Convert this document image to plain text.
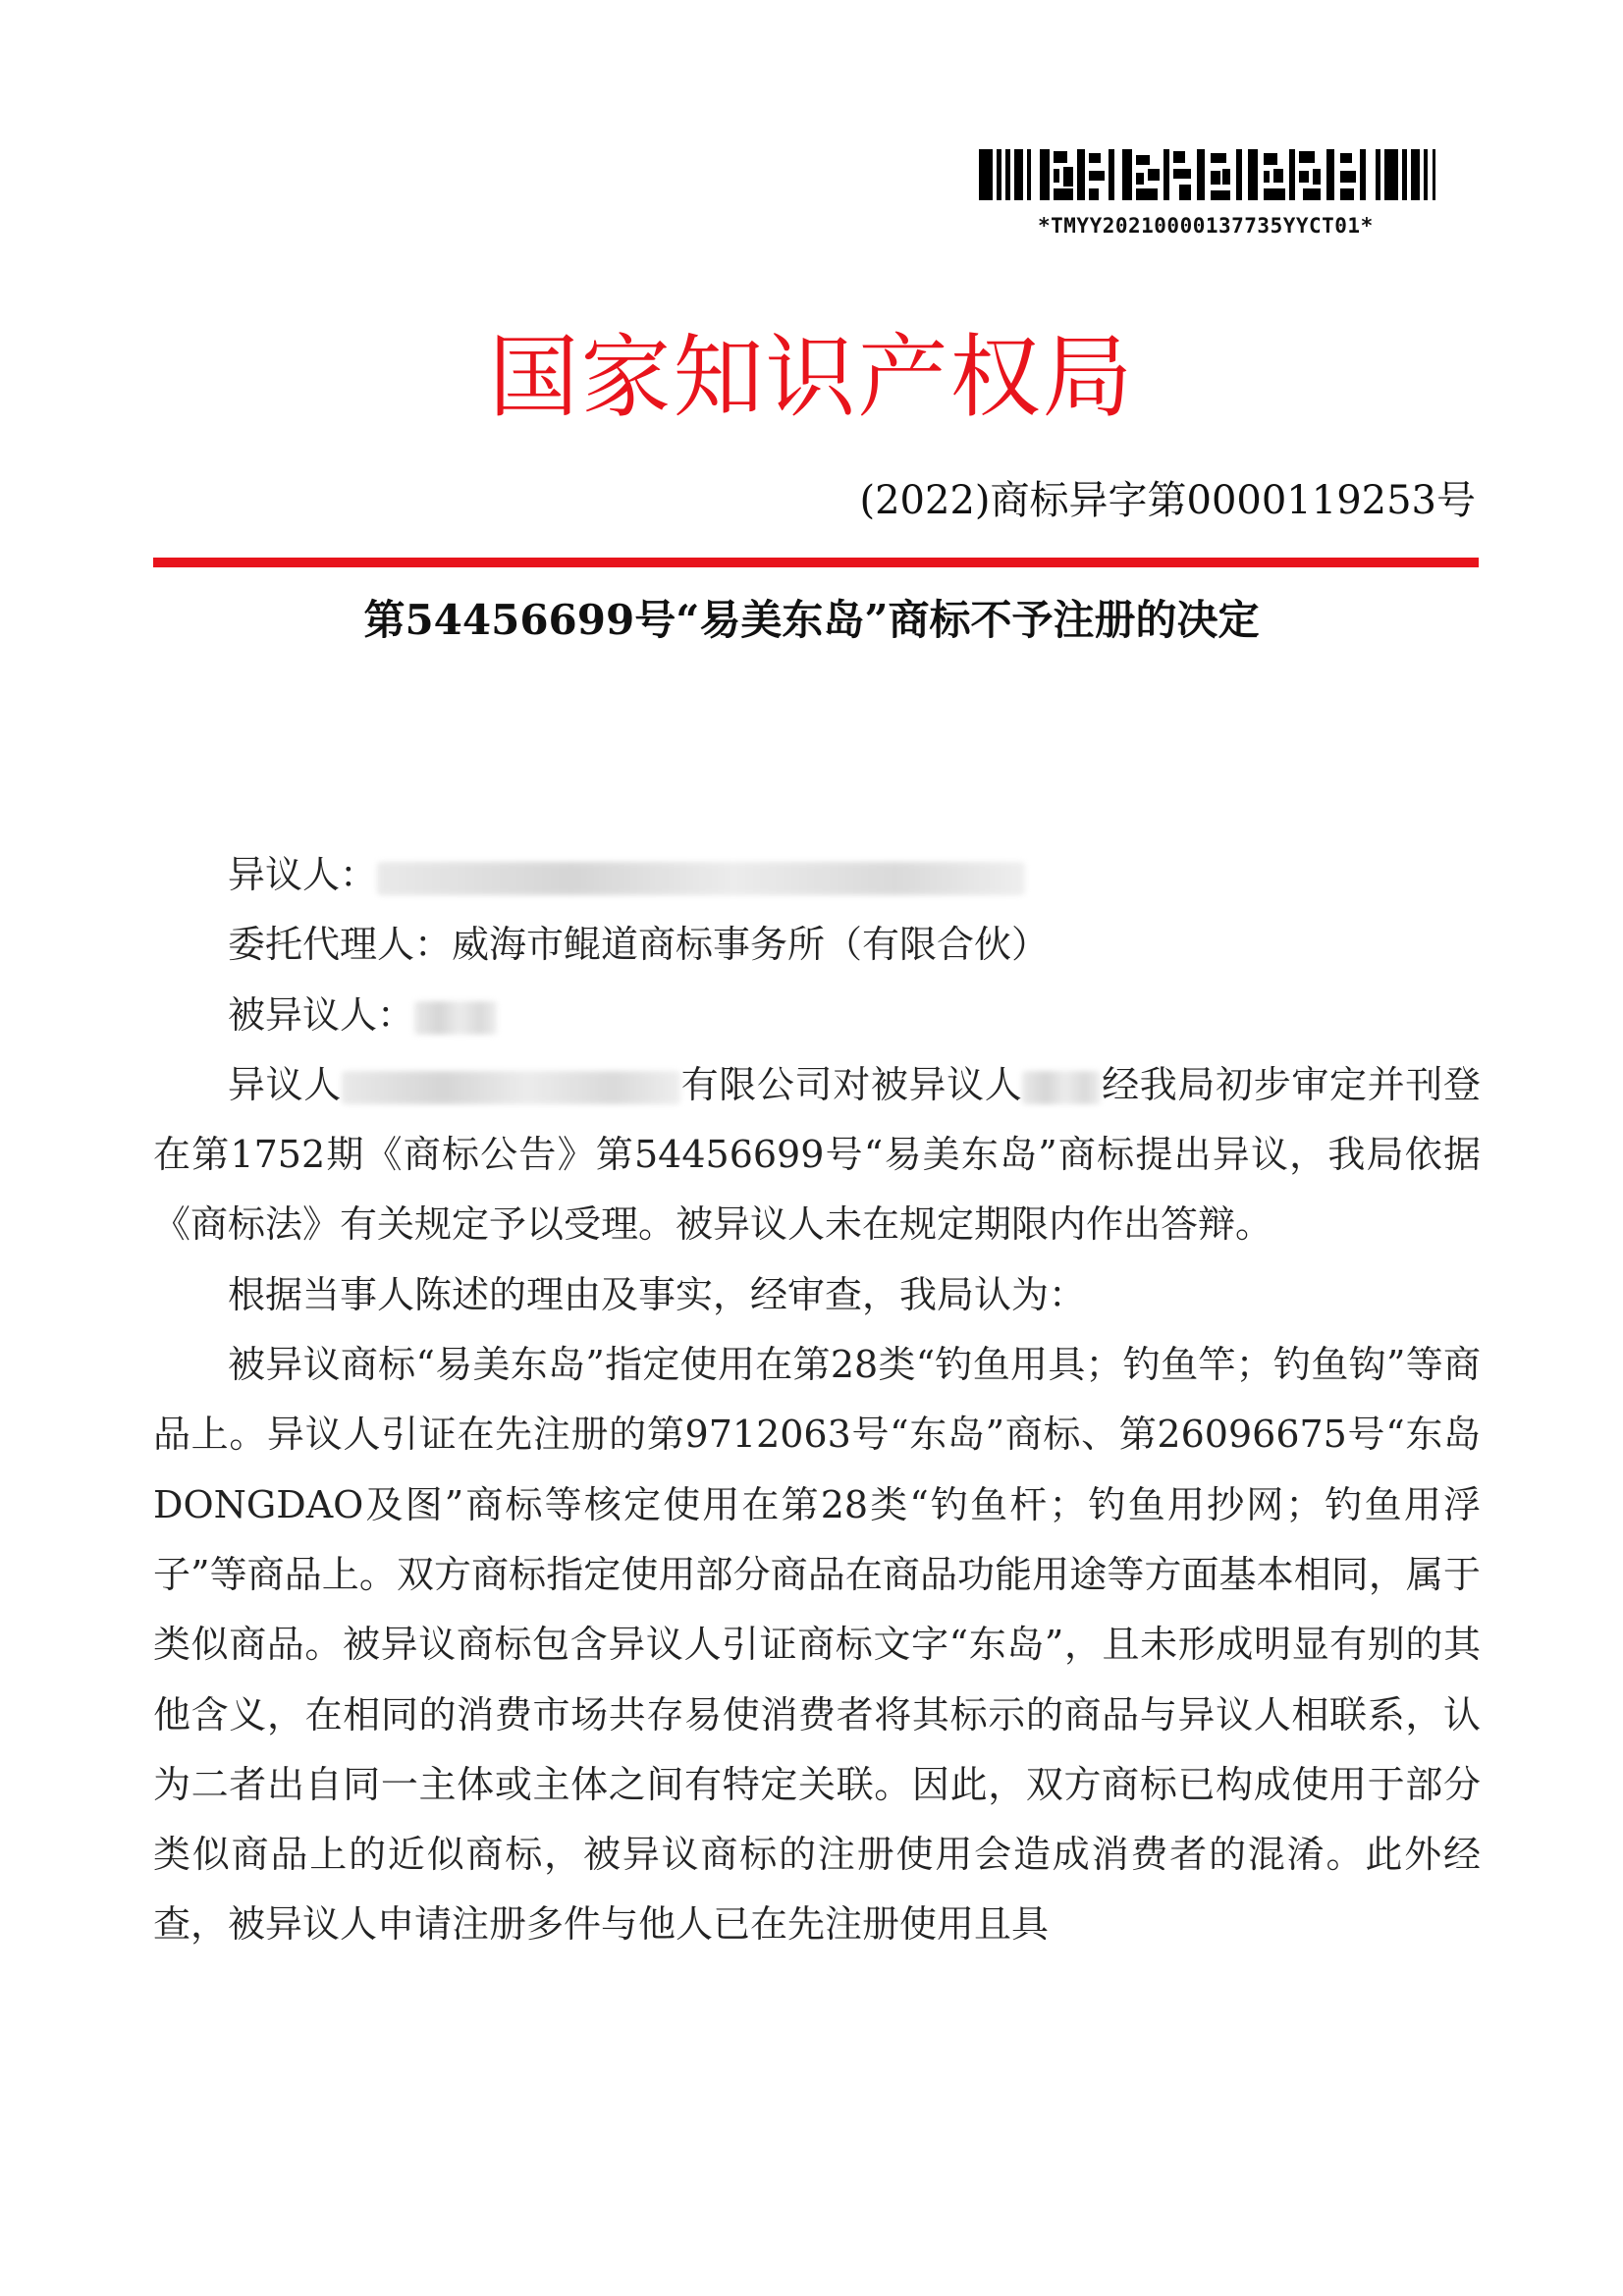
*TMYY20210000137735YYCT01*
国家知识产权局
(2022)商标异字第0000119253号
第54456699号“易美东岛”商标不予注册的决定
异议人：
委托代理人：威海市鲲道商标事务所（有限合伙）
被异议人：

异议人	有限公司对被异议人 经我局初步审定并刊登在第1752期《商标公告》第54456699号“易美东岛”商标提出异议，我局依据《商标法》有关规定予以受理。被异议人未在规定期限内作出答辩。

根据当事人陈述的理由及事实，经审查，我局认为：

被异议商标“易美东岛”指定使用在第28类“钓鱼用具；钓鱼竿；钓鱼钩”等商品上。异议人引证在先注册的第9712063号“东岛”商标、第26096675号“东岛DONGDAO及图”商标等核定使用在第28类“钓鱼杆；钓鱼用抄网；钓鱼用浮子”等商品上。双方商标指定使用部分商品在商品功能用途等方面基本相同，属于类似商品。被异议商标包含异议人引证商标文字“东岛”，且未形成明显有别的其他含义，在相同的消费市场共存易使消费者将其标示的商品与异议人相联系，认为二者出自同一主体或主体之间有特定关联。因此，双方商标已构成使用于部分类似商品上的近似商标，被异议商标的注册使用会造成消费者的混淆。此外经查，被异议人申请注册多件与他人已在先注册使用且具
